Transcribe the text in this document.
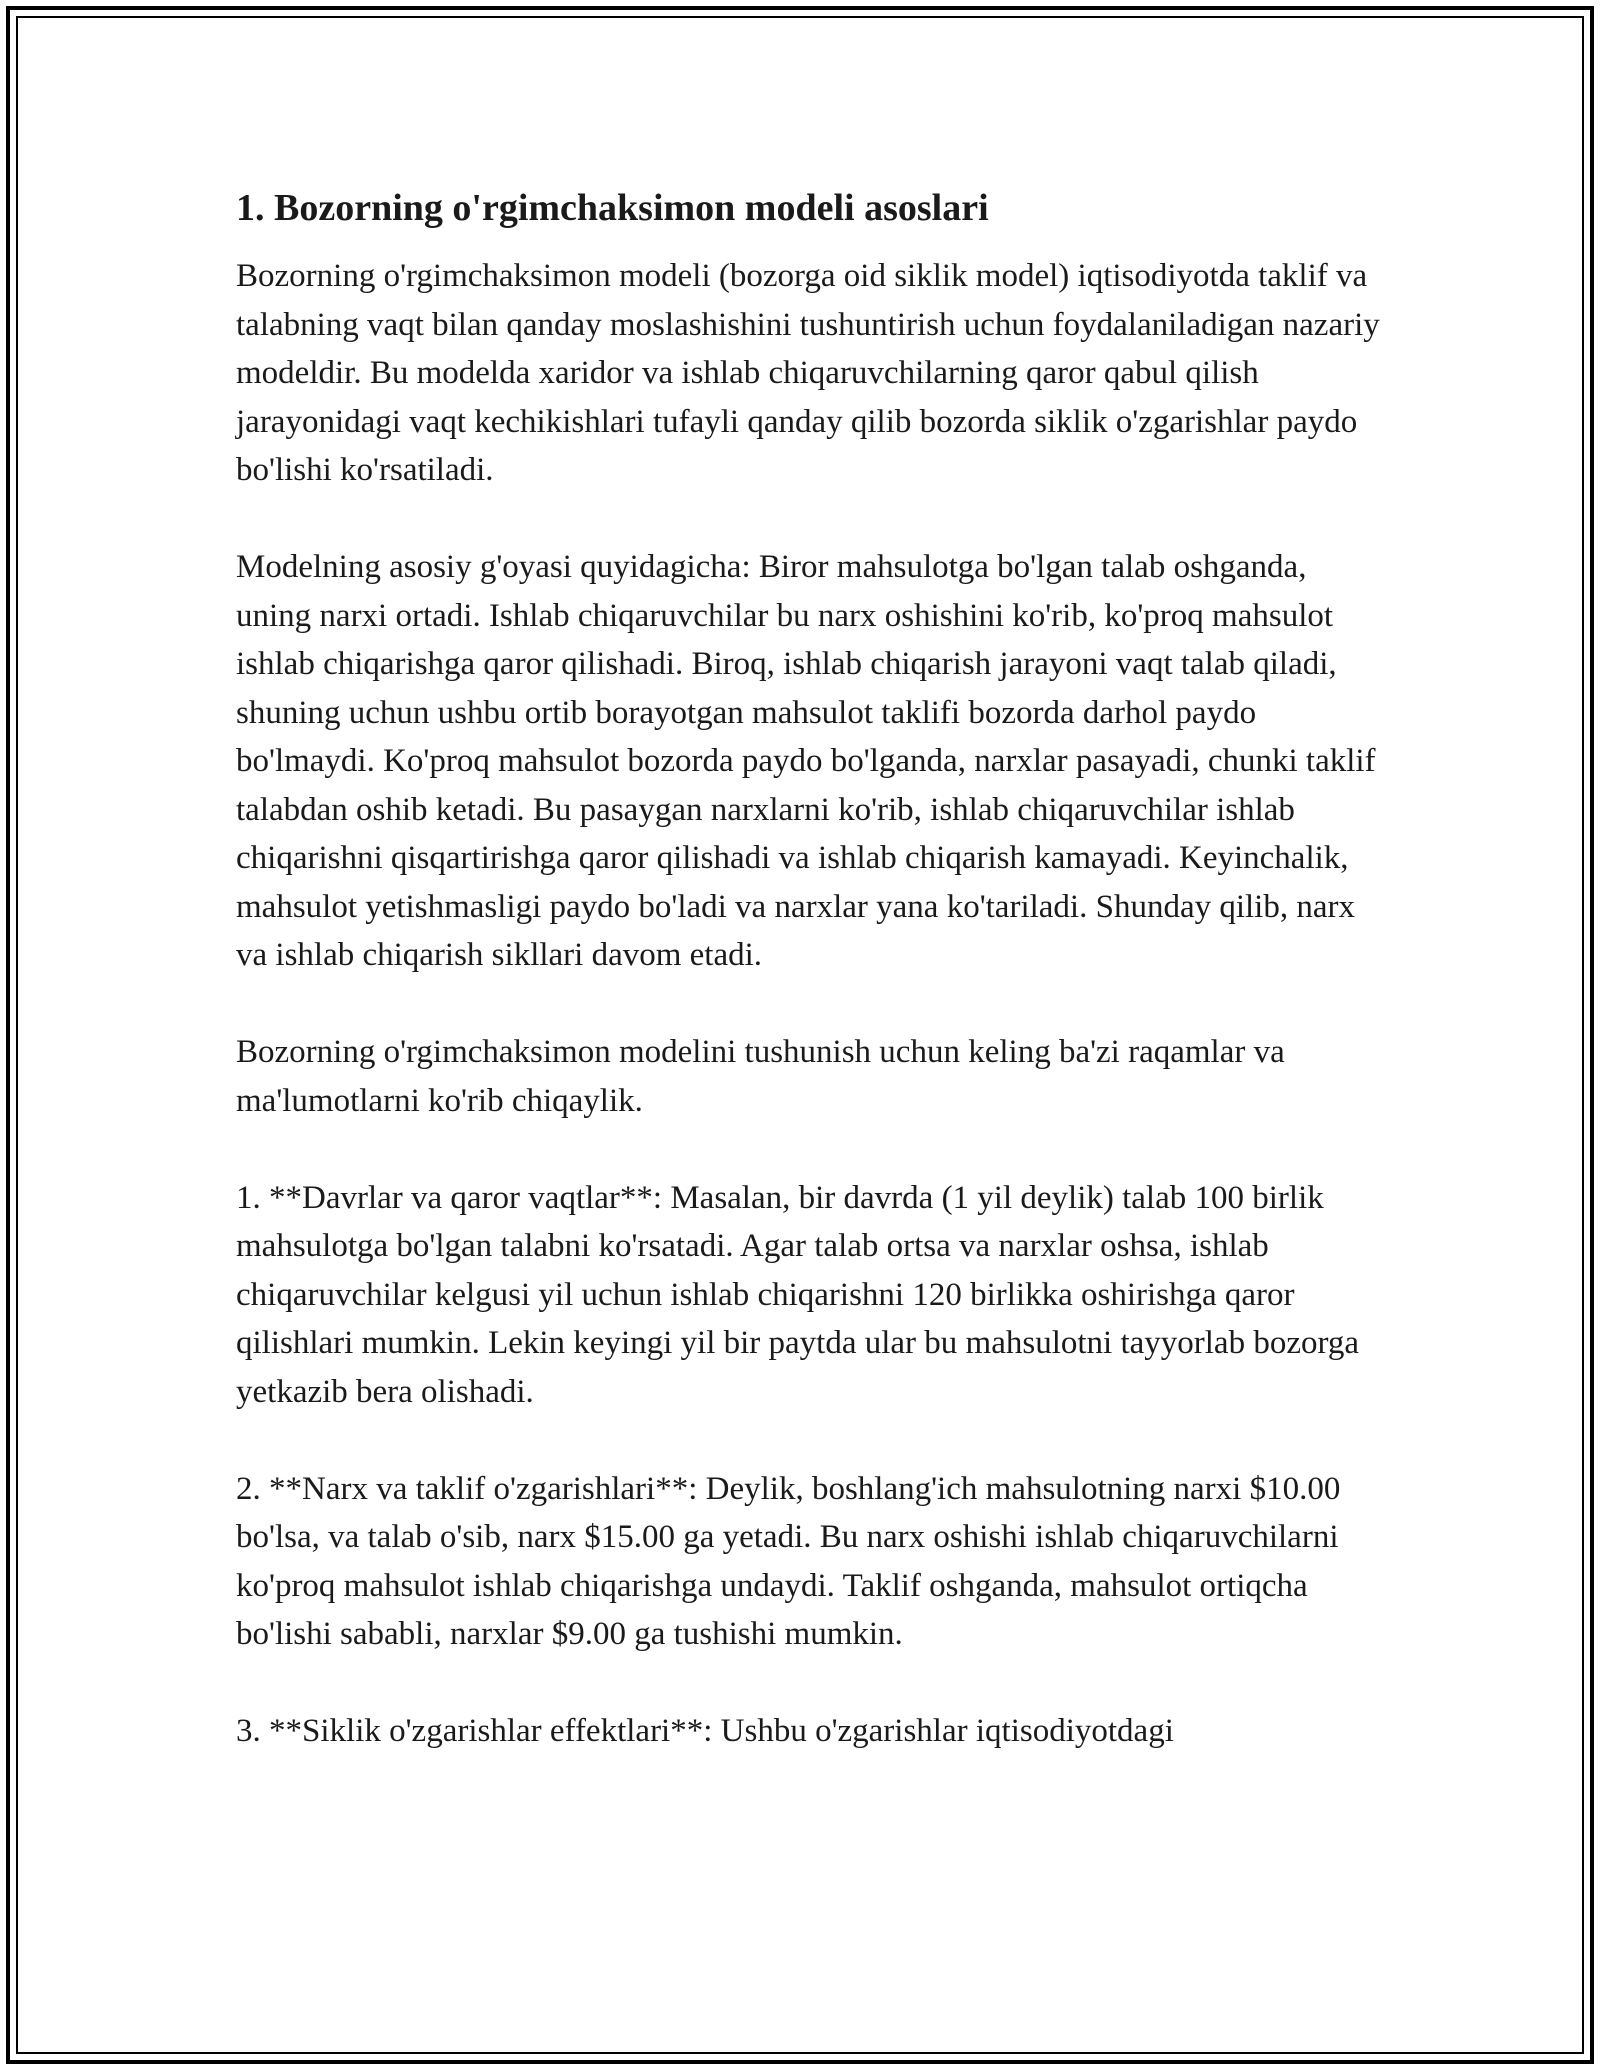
1. Bozorning o'rgimchaksimon modeli asoslari

Bozorning o'rgimchaksimon modeli (bozorga oid siklik model) iqtisodiyotda taklif va talabning vaqt bilan qanday moslashishini tushuntirish uchun foydalaniladigan nazariy modeldir. Bu modelda xaridor va ishlab chiqaruvchilarning qaror qabul qilish jarayonidagi vaqt kechikishlari tufayli qanday qilib bozorda siklik o'zgarishlar paydo bo'lishi ko'rsatiladi.

Modelning asosiy g'oyasi quyidagicha: Biror mahsulotga bo'lgan talab oshganda, uning narxi ortadi. Ishlab chiqaruvchilar bu narx oshishini ko'rib, ko'proq mahsulot ishlab chiqarishga qaror qilishadi. Biroq, ishlab chiqarish jarayoni vaqt talab qiladi, shuning uchun ushbu ortib borayotgan mahsulot taklifi bozorda darhol paydo bo'lmaydi. Ko'proq mahsulot bozorda paydo bo'lganda, narxlar pasayadi, chunki taklif talabdan oshib ketadi. Bu pasaygan narxlarni ko'rib, ishlab chiqaruvchilar ishlab chiqarishni qisqartirishga qaror qilishadi va ishlab chiqarish kamayadi. Keyinchalik, mahsulot yetishmasligi paydo bo'ladi va narxlar yana ko'tariladi. Shunday qilib, narx va ishlab chiqarish sikllari davom etadi.

Bozorning o'rgimchaksimon modelini tushunish uchun keling ba'zi raqamlar va ma'lumotlarni ko'rib chiqaylik.

1. **Davrlar va qaror vaqtlar**: Masalan, bir davrda (1 yil deylik) talab 100 birlik mahsulotga bo'lgan talabni ko'rsatadi. Agar talab ortsa va narxlar oshsa, ishlab chiqaruvchilar kelgusi yil uchun ishlab chiqarishni 120 birlikka oshirishga qaror qilishlari mumkin. Lekin keyingi yil bir paytda ular bu mahsulotni tayyorlab bozorga yetkazib bera olishadi.

2. **Narx va taklif o'zgarishlari**: Deylik, boshlang'ich mahsulotning narxi $10.00 bo'lsa, va talab o'sib, narx $15.00 ga yetadi. Bu narx oshishi ishlab chiqaruvchilarni ko'proq mahsulot ishlab chiqarishga undaydi. Taklif oshganda, mahsulot ortiqcha bo'lishi sababli, narxlar $9.00 ga tushishi mumkin.

3. **Siklik o'zgarishlar effektlari**: Ushbu o'zgarishlar iqtisodiyotdagi
